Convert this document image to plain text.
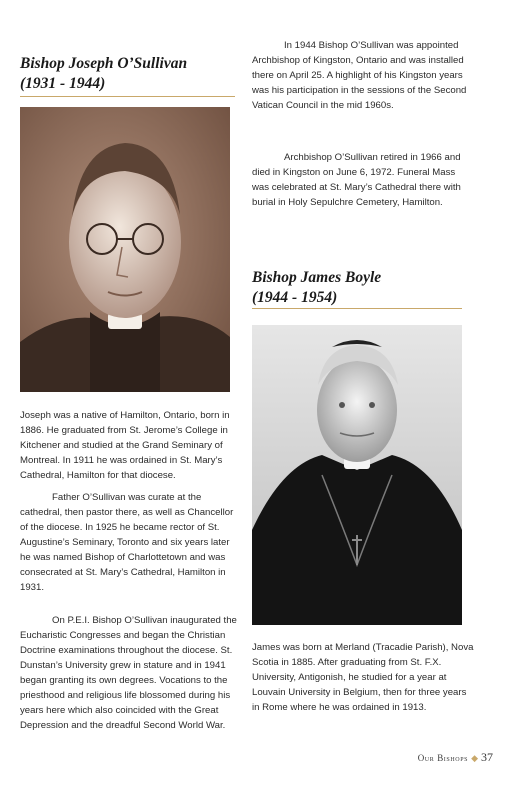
Bishop Joseph O’Sullivan
(1931 - 1944)

Joseph was a native of Hamilton, Ontario, born in 1886. He graduated from St. Jerome’s College in Kitchener and studied at the Grand Seminary of Montreal. In 1911 he was ordained in St. Mary’s Cathedral, Hamilton for that diocese.

Father O’Sullivan was curate at the cathedral, then pastor there, as well as Chancellor of the diocese. In 1925 he became rector of St. Augustine’s Seminary, Toronto and six years later he was named Bishop of Charlottetown and was consecrated at St. Mary’s Cathedral, Hamilton in 1931.

On P.E.I. Bishop O’Sullivan inaugurated the Eucharistic Congresses and began the Christian Doctrine examinations throughout the diocese. St. Dunstan’s University grew in stature and in 1941 began granting its own degrees. Vocations to the priesthood and religious life blossomed during his years here which also coincided with the Great Depression and the dreadful Second World War.

In 1944 Bishop O’Sullivan was appointed Archbishop of Kingston, Ontario and was installed there on April 25. A highlight of his Kingston years was his participation in the sessions of the Second Vatican Council in the mid 1960s.

Archbishop O’Sullivan retired in 1966 and died in Kingston on June 6, 1972. Funeral Mass was celebrated at St. Mary’s Cathedral there with burial in Holy Sepulchre Cemetery, Hamilton.

Bishop James Boyle
(1944 - 1954)

James was born at Merland (Tracadie Parish), Nova Scotia in 1885. After graduating from St. F.X. University, Antigonish, he studied for a year at Louvain University in Belgium, then for three years in Rome where he was ordained in 1913.

Our Bishops ◆ 37
